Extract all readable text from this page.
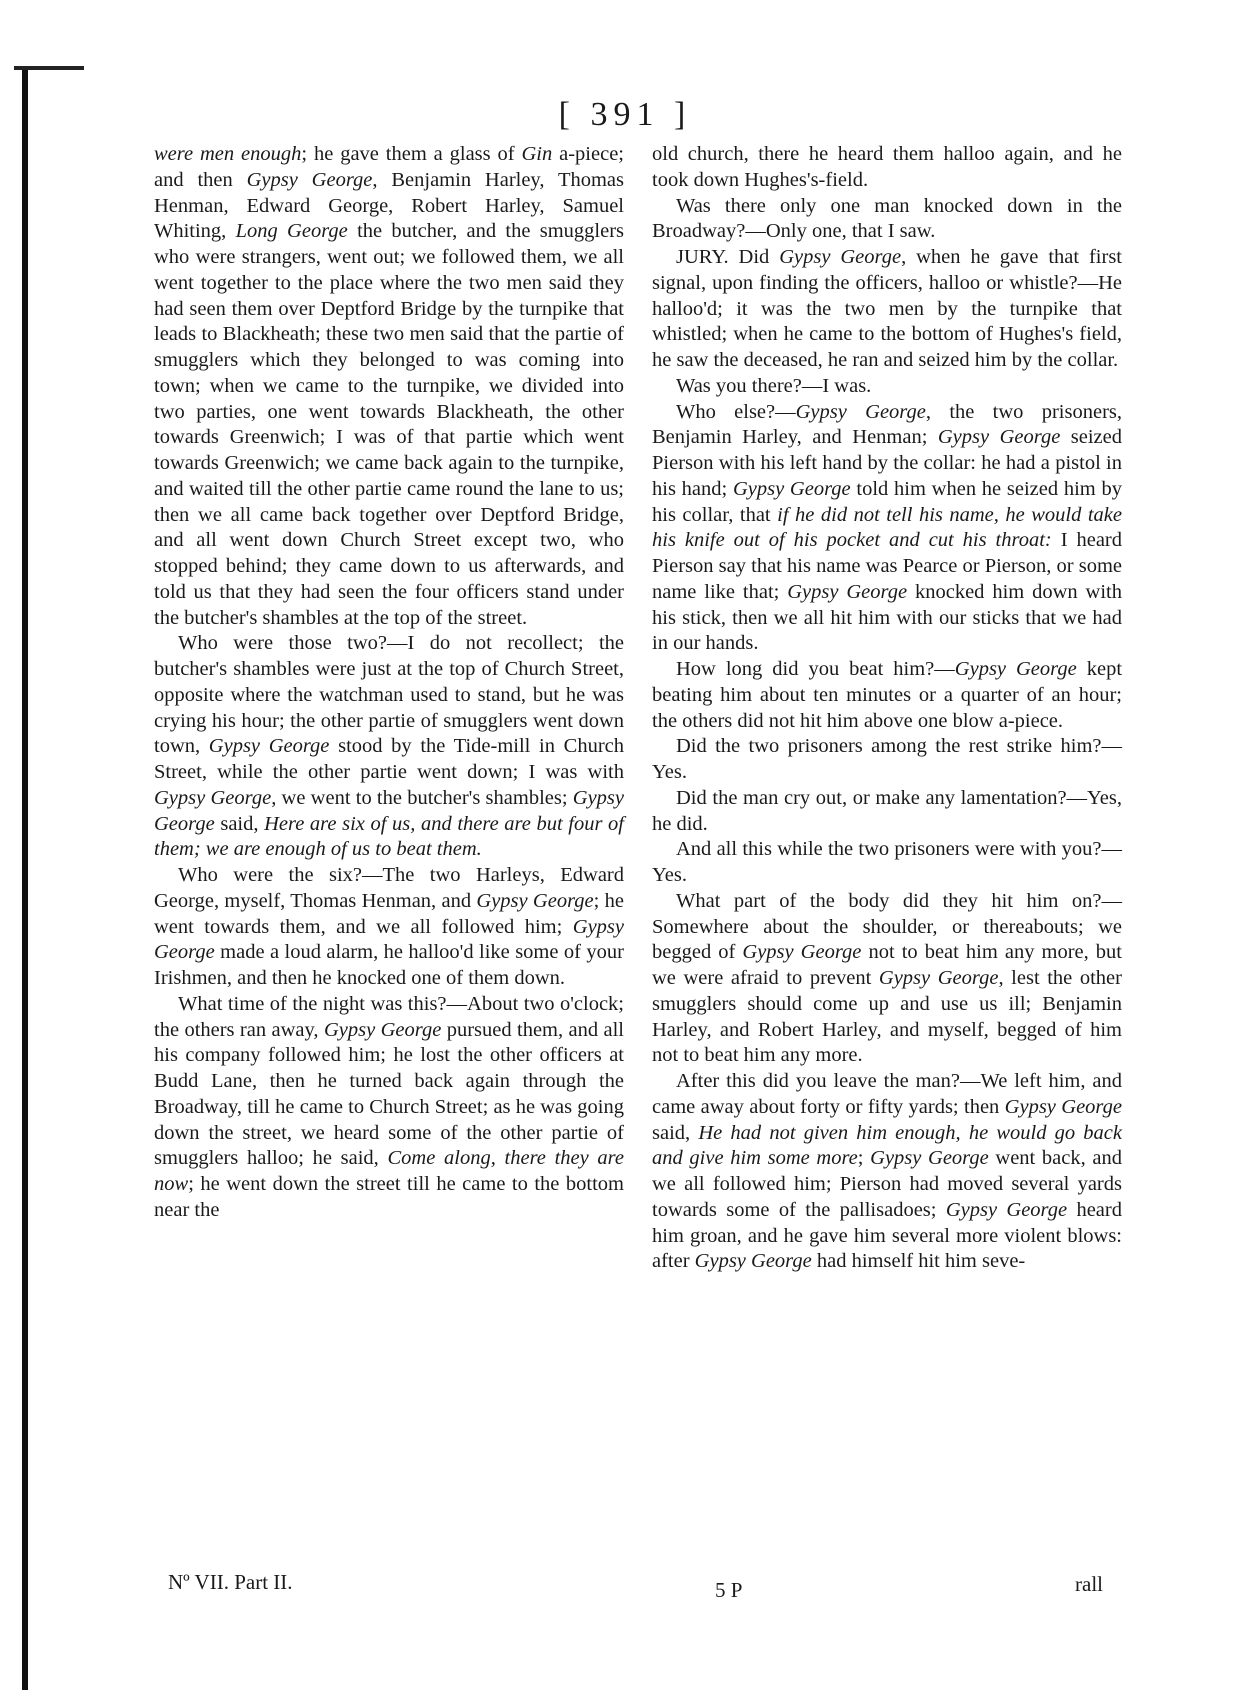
[ 391 ]

were men enough; he gave them a glass of Gin a-piece; and then Gypsy George, Benjamin Harley, Thomas Henman, Edward George, Robert Harley, Samuel Whiting, Long George the butcher, and the smugglers who were strangers, went out; we followed them, we all went together to the place where the two men said they had seen them over Deptford Bridge by the turnpike that leads to Blackheath; these two men said that the partie of smugglers which they belonged to was coming into town; when we came to the turnpike, we divided into two parties, one went towards Blackheath, the other towards Greenwich; I was of that partie which went towards Greenwich; we came back again to the turnpike, and waited till the other partie came round the lane to us; then we all came back together over Deptford Bridge, and all went down Church Street except two, who stopped behind; they came down to us afterwards, and told us that they had seen the four officers stand under the butcher's shambles at the top of the street.

Who were those two?—I do not recollect; the butcher's shambles were just at the top of Church Street, opposite where the watchman used to stand, but he was crying his hour; the other partie of smugglers went down town, Gypsy George stood by the Tide-mill in Church Street, while the other partie went down; I was with Gypsy George, we went to the butcher's shambles; Gypsy George said, Here are six of us, and there are but four of them; we are enough of us to beat them.

Who were the six?—The two Harleys, Edward George, myself, Thomas Henman, and Gypsy George; he went towards them, and we all followed him; Gypsy George made a loud alarm, he halloo'd like some of your Irishmen, and then he knocked one of them down.

What time of the night was this?—About two o'clock; the others ran away, Gypsy George pursued them, and all his company followed him; he lost the other officers at Budd Lane, then he turned back again through the Broadway, till he came to Church Street; as he was going down the street, we heard some of the other partie of smugglers halloo; he said, Come along, there they are now; he went down the street till he came to the bottom near the

old church, there he heard them halloo again, and he took down Hughes's-field.

Was there only one man knocked down in the Broadway?—Only one, that I saw.

JURY. Did Gypsy George, when he gave that first signal, upon finding the officers, halloo or whistle?—He halloo'd; it was the two men by the turnpike that whistled; when he came to the bottom of Hughes's field, he saw the deceased, he ran and seized him by the collar.

Was you there?—I was.

Who else?—Gypsy George, the two prisoners, Benjamin Harley, and Henman; Gypsy George seized Pierson with his left hand by the collar: he had a pistol in his hand; Gypsy George told him when he seized him by his collar, that if he did not tell his name, he would take his knife out of his pocket and cut his throat: I heard Pierson say that his name was Pearce or Pierson, or some name like that; Gypsy George knocked him down with his stick, then we all hit him with our sticks that we had in our hands.

How long did you beat him?—Gypsy George kept beating him about ten minutes or a quarter of an hour; the others did not hit him above one blow a-piece.

Did the two prisoners among the rest strike him?—Yes.

Did the man cry out, or make any lamentation?—Yes, he did.

And all this while the two prisoners were with you?—Yes.

What part of the body did they hit him on?—Somewhere about the shoulder, or thereabouts; we begged of Gypsy George not to beat him any more, but we were afraid to prevent Gypsy George, lest the other smugglers should come up and use us ill; Benjamin Harley, and Robert Harley, and myself, begged of him not to beat him any more.

After this did you leave the man?—We left him, and came away about forty or fifty yards; then Gypsy George said, He had not given him enough, he would go back and give him some more; Gypsy George went back, and we all followed him; Pierson had moved several yards towards some of the pallisadoes; Gypsy George heard him groan, and he gave him several more violent blows: after Gypsy George had himself hit him seve-

Nº VII. Part II.	5 P	rall
